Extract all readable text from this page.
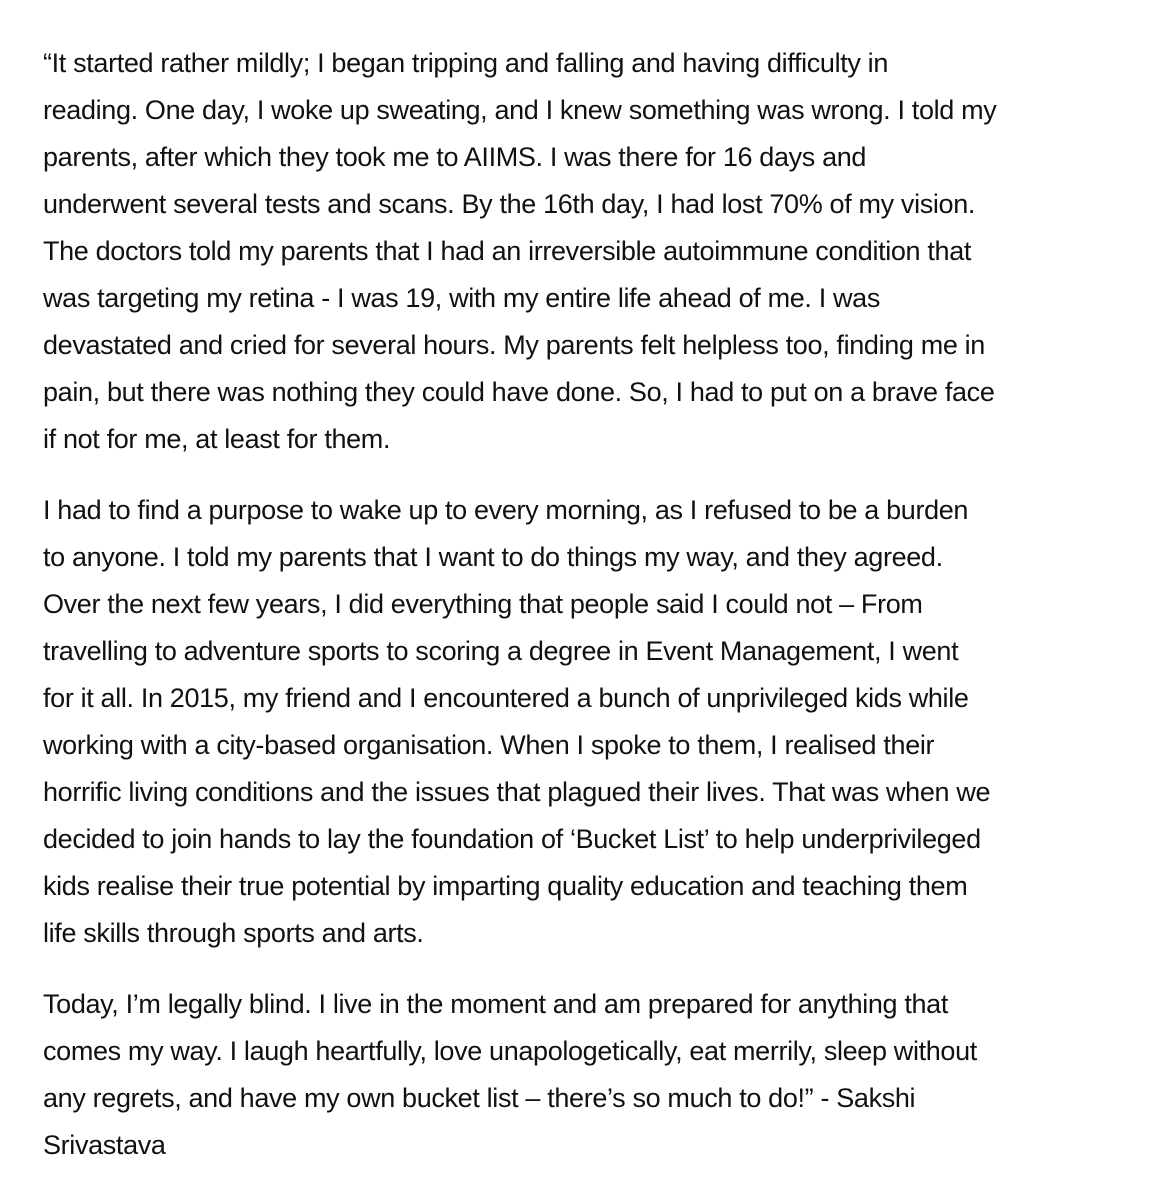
“It started rather mildly; I began tripping and falling and having difficulty in
reading. One day, I woke up sweating, and I knew something was wrong. I told my
parents, after which they took me to AIIMS. I was there for 16 days and
underwent several tests and scans. By the 16th day, I had lost 70% of my vision.
The doctors told my parents that I had an irreversible autoimmune condition that
was targeting my retina - I was 19, with my entire life ahead of me. I was
devastated and cried for several hours. My parents felt helpless too, finding me in
pain, but there was nothing they could have done. So, I had to put on a brave face
if not for me, at least for them.

I had to find a purpose to wake up to every morning, as I refused to be a burden
to anyone. I told my parents that I want to do things my way, and they agreed.
Over the next few years, I did everything that people said I could not – From
travelling to adventure sports to scoring a degree in Event Management, I went
for it all. In 2015, my friend and I encountered a bunch of unprivileged kids while
working with a city-based organisation. When I spoke to them, I realised their
horrific living conditions and the issues that plagued their lives. That was when we
decided to join hands to lay the foundation of ‘Bucket List’ to help underprivileged
kids realise their true potential by imparting quality education and teaching them
life skills through sports and arts.

Today, I’m legally blind. I live in the moment and am prepared for anything that
comes my way. I laugh heartfully, love unapologetically, eat merrily, sleep without
any regrets, and have my own bucket list – there’s so much to do!” - Sakshi
Srivastava
